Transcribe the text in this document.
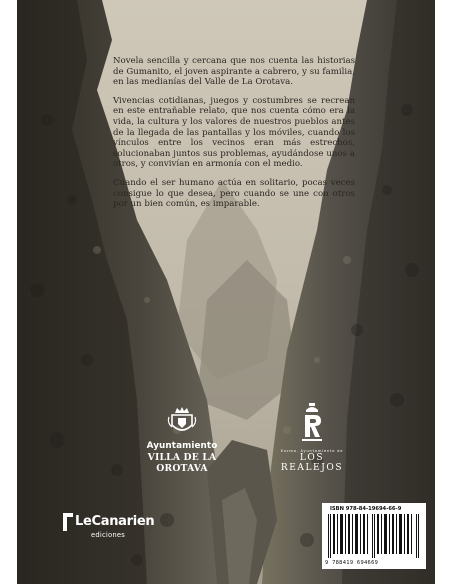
Novela sencilla y cercana que nos cuenta las historias de Gumanito, el joven aspirante a cabrero, y su familia, en las medianías del Valle de La Orotava.

Vivencias cotidianas, juegos y costumbres se recrean en este entrañable relato, que nos cuenta cómo era la vida, la cultura y los valores de nuestros pueblos antes de la llegada de las pantallas y los móviles, cuando los vínculos entre los vecinos eran más estrechos, solucionaban juntos sus problemas, ayudándose unos a otros, y convivían en armonía con el medio.

Cuando el ser humano actúa en solitario, pocas veces consigue lo que desea, pero cuando se une con otros por un bien común, es imparable.

Ayuntamiento
VILLA DE LA OROTAVA
Excmo. Ayuntamiento de
LOS REALEJOS
LeCanarien
ediciones
ISBN 978-84-19694-66-9
9 788419 694669
